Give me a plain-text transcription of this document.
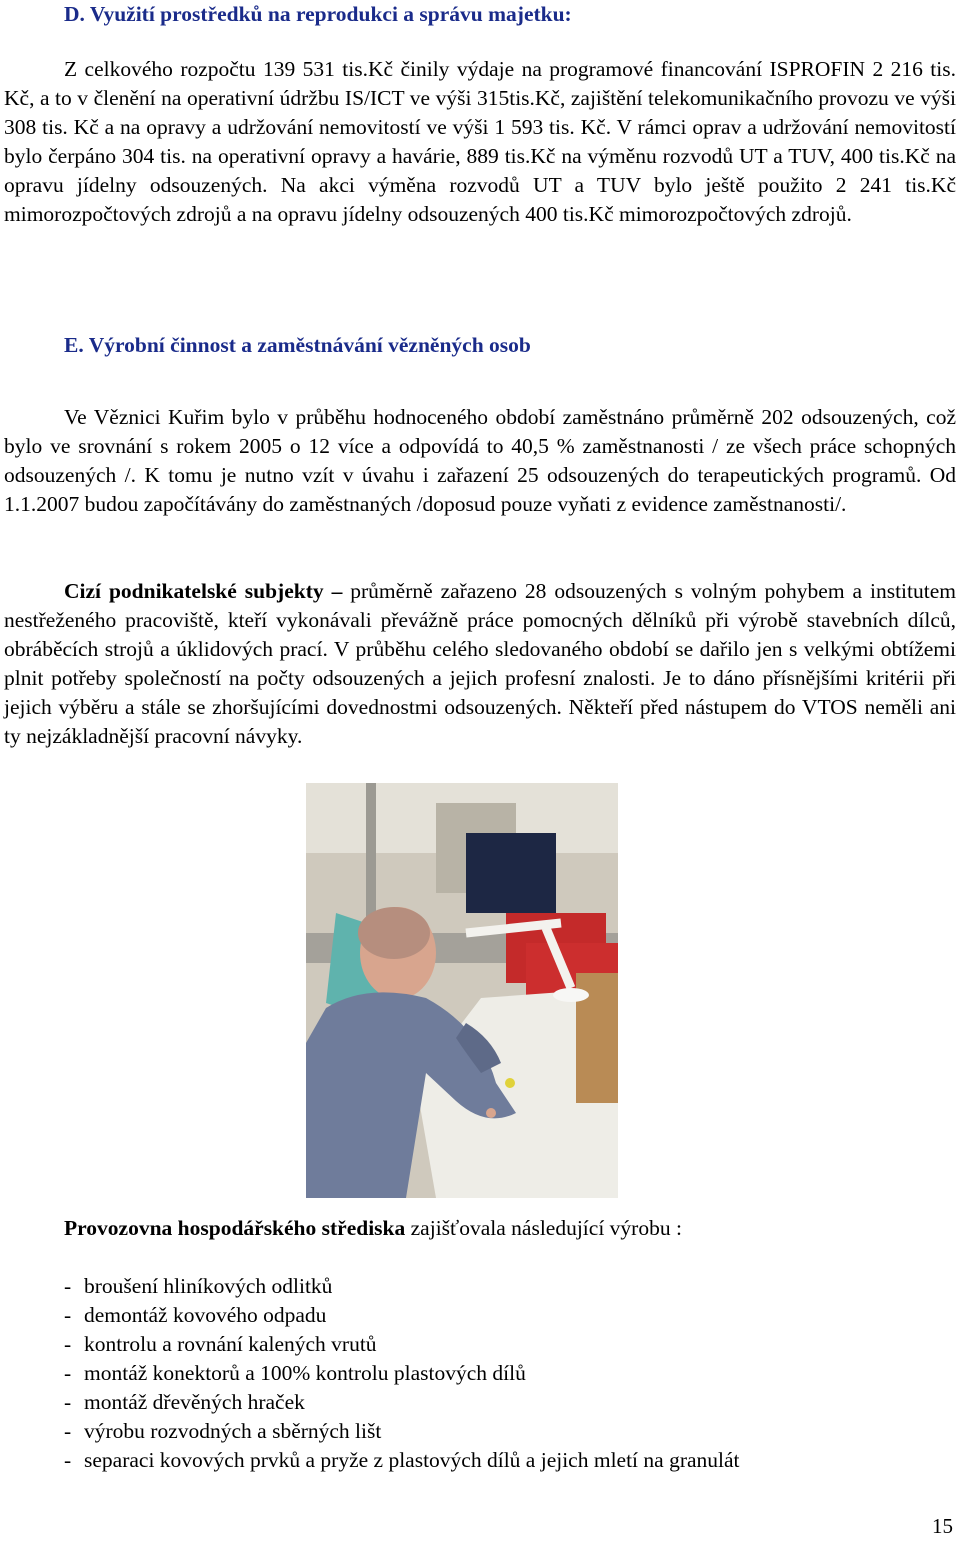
D. Využití prostředků na reprodukci a správu majetku:
Z celkového rozpočtu 139 531 tis.Kč činily výdaje na programové financování ISPROFIN 2 216 tis. Kč, a to v členění na operativní údržbu IS/ICT ve výši 315tis.Kč, zajištění telekomunikačního provozu ve výši 308 tis. Kč a na opravy a udržování nemovitostí ve výši 1 593 tis. Kč. V rámci oprav a udržování nemovitostí bylo čerpáno 304 tis. na operativní opravy a havárie, 889 tis.Kč na výměnu rozvodů UT a TUV, 400 tis.Kč na opravu jídelny odsouzených. Na akci výměna rozvodů UT a TUV bylo ještě použito 2 241 tis.Kč mimorozpočtových zdrojů a na opravu jídelny odsouzených 400 tis.Kč mimorozpočtových zdrojů.
E. Výrobní činnost a zaměstnávání vězněných osob
Ve Věznici Kuřim bylo v průběhu hodnoceného období zaměstnáno průměrně 202 odsouzených, což bylo ve srovnání s rokem 2005 o 12 více a odpovídá to 40,5 % zaměstnanosti / ze všech práce schopných odsouzených /. K tomu je nutno vzít v úvahu i zařazení 25 odsouzených do terapeutických programů. Od 1.1.2007 budou započítávány do zaměstnaných /doposud pouze vyňati z evidence zaměstnanosti/.
Cizí podnikatelské subjekty – průměrně zařazeno 28 odsouzených s volným pohybem a institutem nestřeženého pracoviště, kteří vykonávali převážně práce pomocných dělníků při výrobě stavebních dílců, obráběcích strojů a úklidových prací. V průběhu celého sledovaného období se dařilo jen s velkými obtížemi plnit potřeby společností na počty odsouzených a jejich profesní znalosti. Je to dáno přísnějšími kritérii při jejich výběru a stále se zhoršujícími dovednostmi odsouzených. Někteří před nástupem do VTOS neměli ani ty nejzákladnější pracovní návyky.
Provozovna hospodářského střediska zajišťovala následující výrobu :
- broušení hliníkových odlitků
- demontáž kovového odpadu
- kontrolu a rovnání kalených vrutů
- montáž konektorů a 100% kontrolu plastových dílů
- montáž dřevěných hraček
- výrobu rozvodných a sběrných lišt
- separaci kovových prvků a pryže z plastových dílů a jejich mletí na granulát
15
